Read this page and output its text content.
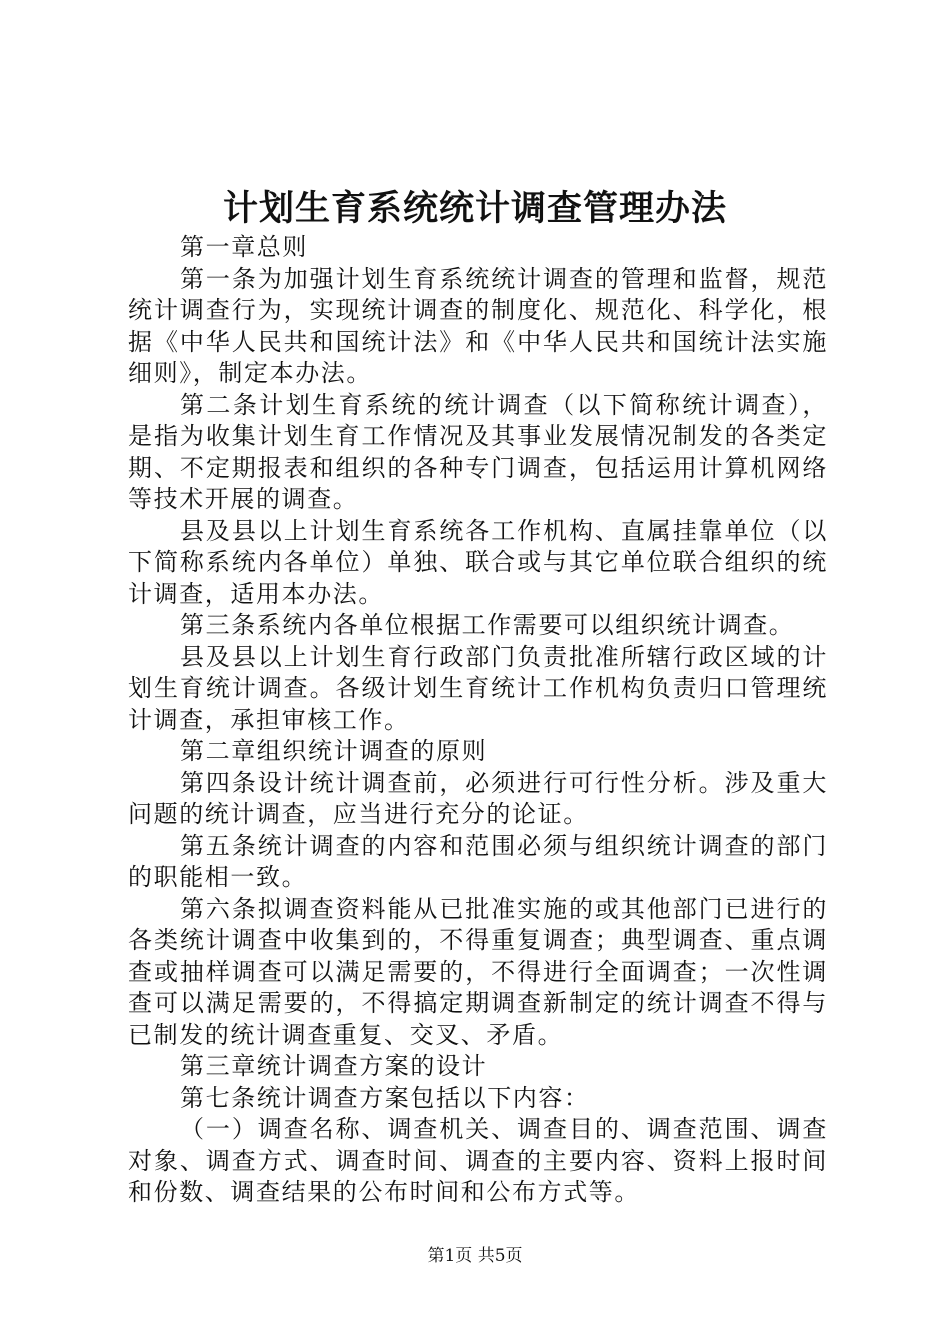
计划生育系统统计调查管理办法

第一章总则

第一条为加强计划生育系统统计调查的管理和监督，规范统计调查行为，实现统计调查的制度化、规范化、科学化，根据《中华人民共和国统计法》和《中华人民共和国统计法实施细则》，制定本办法。

第二条计划生育系统的统计调查（以下简称统计调查），是指为收集计划生育工作情况及其事业发展情况制发的各类定期、不定期报表和组织的各种专门调查，包括运用计算机网络等技术开展的调查。

县及县以上计划生育系统各工作机构、直属挂靠单位（以下简称系统内各单位）单独、联合或与其它单位联合组织的统计调查，适用本办法。

第三条系统内各单位根据工作需要可以组织统计调查。

县及县以上计划生育行政部门负责批准所辖行政区域的计划生育统计调查。各级计划生育统计工作机构负责归口管理统计调查，承担审核工作。

第二章组织统计调查的原则

第四条设计统计调查前，必须进行可行性分析。涉及重大问题的统计调查，应当进行充分的论证。

第五条统计调查的内容和范围必须与组织统计调查的部门的职能相一致。

第六条拟调查资料能从已批准实施的或其他部门已进行的各类统计调查中收集到的，不得重复调查；典型调查、重点调查或抽样调查可以满足需要的，不得进行全面调查；一次性调查可以满足需要的，不得搞定期调查新制定的统计调查不得与已制发的统计调查重复、交叉、矛盾。

第三章统计调查方案的设计

第七条统计调查方案包括以下内容：

（一）调查名称、调查机关、调查目的、调查范围、调查对象、调查方式、调查时间、调查的主要内容、资料上报时间和份数、调查结果的公布时间和公布方式等。

第1页 共5页
